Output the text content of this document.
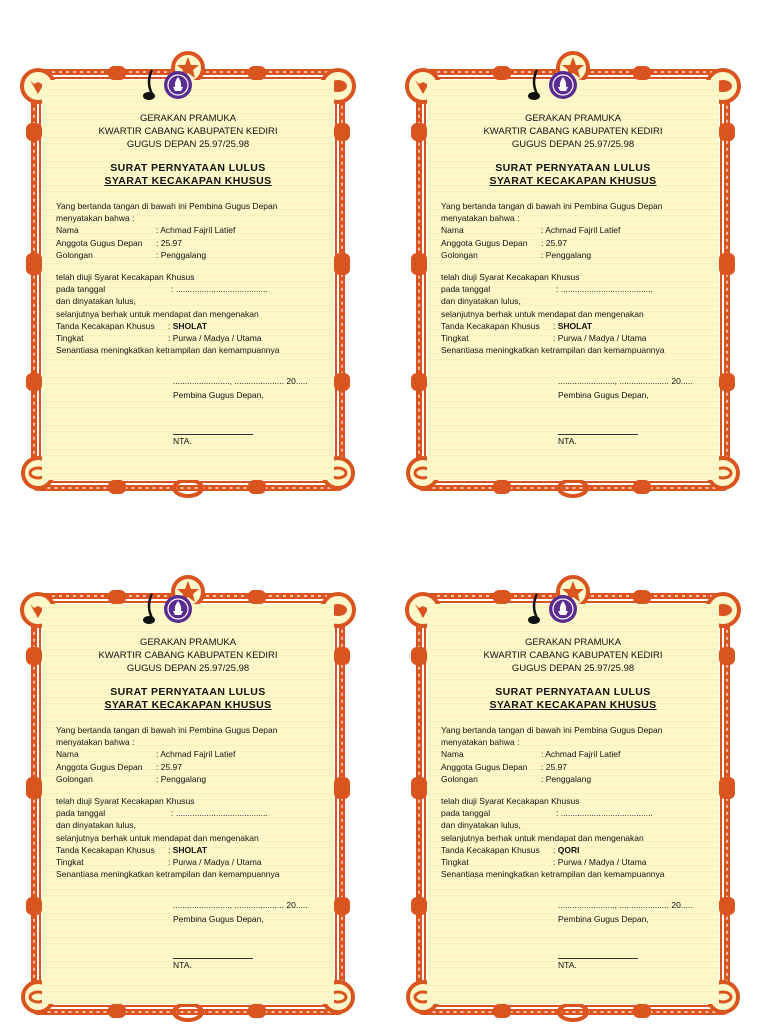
GERAKAN PRAMUKA
KWARTIR CABANG KABUPATEN KEDIRI
GUGUS DEPAN 25.97/25.98
SURAT PERNYATAAN LULUS
SYARAT KECAKAPAN KHUSUS
Yang bertanda tangan di bawah ini Pembina Gugus Depan
menyatakan bahwa :
Nama	: Achmad Fajril Latief
Anggota Gugus Depan	: 25.97
Golongan	: Penggalang
telah diuji Syarat Kecakapan Khusus
pada tanggal	: .......................................
dan dinyatakan lulus,
selanjutnya berhak untuk mendapat dan mengenakan
Tanda Kecakapan Khusus	: SHOLAT
Tingkat	: Purwa / Madya / Utama
Senantiasa meningkatkan ketrampilan dan kemampuannya
........................, ..................... 20.....
Pembina Gugus Depan,
NTA.
GERAKAN PRAMUKA
KWARTIR CABANG KABUPATEN KEDIRI
GUGUS DEPAN 25.97/25.98
SURAT PERNYATAAN LULUS
SYARAT KECAKAPAN KHUSUS
Yang bertanda tangan di bawah ini Pembina Gugus Depan
menyatakan bahwa :
Nama	: Achmad Fajril Latief
Anggota Gugus Depan	: 25.97
Golongan	: Penggalang
telah diuji Syarat Kecakapan Khusus
pada tanggal	: .......................................
dan dinyatakan lulus,
selanjutnya berhak untuk mendapat dan mengenakan
Tanda Kecakapan Khusus	: SHOLAT
Tingkat	: Purwa / Madya / Utama
Senantiasa meningkatkan ketrampilan dan kemampuannya
........................, ..................... 20.....
Pembina Gugus Depan,
NTA.
GERAKAN PRAMUKA
KWARTIR CABANG KABUPATEN KEDIRI
GUGUS DEPAN 25.97/25.98
SURAT PERNYATAAN LULUS
SYARAT KECAKAPAN KHUSUS
Yang bertanda tangan di bawah ini Pembina Gugus Depan
menyatakan bahwa :
Nama	: Achmad Fajril Latief
Anggota Gugus Depan	: 25.97
Golongan	: Penggalang
telah diuji Syarat Kecakapan Khusus
pada tanggal	: .......................................
dan dinyatakan lulus,
selanjutnya berhak untuk mendapat dan mengenakan
Tanda Kecakapan Khusus	: SHOLAT
Tingkat	: Purwa / Madya / Utama
Senantiasa meningkatkan ketrampilan dan kemampuannya
........................, ..................... 20.....
Pembina Gugus Depan,
NTA.
GERAKAN PRAMUKA
KWARTIR CABANG KABUPATEN KEDIRI
GUGUS DEPAN 25.97/25.98
SURAT PERNYATAAN LULUS
SYARAT KECAKAPAN KHUSUS
Yang bertanda tangan di bawah ini Pembina Gugus Depan
menyatakan bahwa :
Nama	: Achmad Fajril Latief
Anggota Gugus Depan	: 25.97
Golongan	: Penggalang
telah diuji Syarat Kecakapan Khusus
pada tanggal	: .......................................
dan dinyatakan lulus,
selanjutnya berhak untuk mendapat dan mengenakan
Tanda Kecakapan Khusus	: QORI
Tingkat	: Purwa / Madya / Utama
Senantiasa meningkatkan ketrampilan dan kemampuannya
........................, ..................... 20.....
Pembina Gugus Depan,
NTA.
